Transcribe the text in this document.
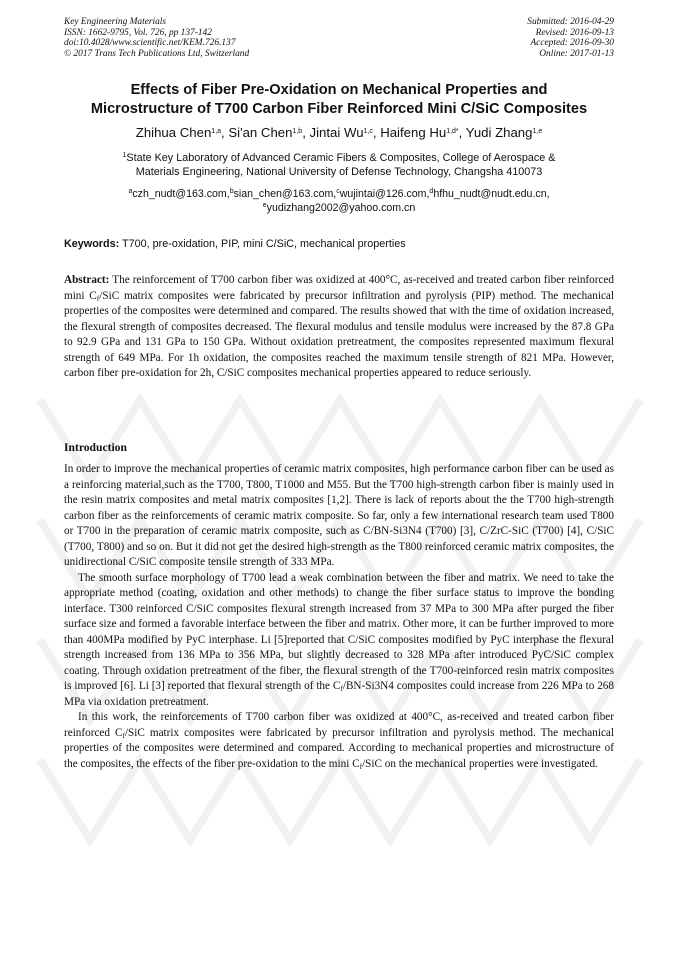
Key Engineering Materials
ISSN: 1662-9795, Vol. 726, pp 137-142
doi:10.4028/www.scientific.net/KEM.726.137
© 2017 Trans Tech Publications Ltd, Switzerland
Submitted: 2016-04-29
Revised: 2016-09-13
Accepted: 2016-09-30
Online: 2017-01-13
Effects of Fiber Pre-Oxidation on Mechanical Properties and
Microstructure of T700 Carbon Fiber Reinforced Mini C/SiC Composites
Zhihua Chen$^{1,a}$, Si'an Chen$^{1,b}$, Jintai Wu$^{1,c}$, Haifeng $Hu^{1,d*}$, Yudi Zhang$^{1,e}$
$^1$State Key Laboratory of Advanced Ceramic Fibers & Composites, College of Aerospace &
Materials Engineering, National University of Defense Technology, Changsha 410073
$^a$czh_nudt@163.com,$^b$sian_chen@163.com,$^c$wujintai@126.com,$^d$hfhu_nudt@nudt.edu.cn,
$^e$yudizhang2002@yahoo.com.cn
Keywords: T700, pre-oxidation, PIP, mini C/SiC, mechanical properties
Abstract: The reinforcement of T700 carbon fiber was oxidized at 400°C, as-received and treated carbon fiber reinforced mini $C_f$/SiC matrix composites were fabricated by precursor infiltration and pyrolysis (PIP) method. The mechanical properties of the composites were determined and compared. The results showed that with the time of oxidation increased, the flexural strength of composites decreased. The flexural modulus and tensile modulus were increased by the 87.8 GPa to 92.9 GPa and 131 GPa to 150 GPa. Without oxidation pretreatment, the composites represented maximum flexural strength of 649 MPa. For 1h oxidation, the composites reached the maximum tensile strength of 821 MPa. However, carbon fiber pre-oxidation for 2h, C/SiC composites mechanical properties appeared to reduce seriously.
Introduction

In order to improve the mechanical properties of ceramic matrix composites, high performance carbon fiber can be used as a reinforcing material,such as the T700, T800, T1000 and M55. But the T700 high-strength carbon fiber is mainly used in the resin matrix composites and metal matrix composites [1,2]. There is lack of reports about the the T700 high-strength carbon fiber as the reinforcements of ceramic matrix composite. So far, only a few international research team used T800 or T700 in the preparation of ceramic matrix composite, such as C/BN-Si3N4 (T700) [3], C/ZrC-SiC (T700) [4], C/SiC (T700, T800) and so on. But it did not get the desired high-strength as the T800 reinforced ceramic matrix composites, the unidirectional C/SiC composite tensile strength of 333 MPa.

The smooth surface morphology of T700 lead a weak combination between the fiber and matrix. We need to take the appropriate method (coating, oxidation and other methods) to change the fiber surface status to improve the bonding interface. T300 reinforced C/SiC composites flexural strength increased from 37 MPa to 300 MPa after purged the fiber surface size and formed a favorable interface between the fiber and matrix. Other more, it can be further improved to more than 400MPa modified by PyC interphase. Li [5]reported that C/SiC composites modified by PyC interphase the flexural strength increased from 136 MPa to 356 MPa, but slightly decreased to 328 MPa after introduced PyC/SiC complex coating. Through oxidation pretreatment of the fiber, the flexural strength of the T700-reinforced resin matrix composites is improved [6]. Li [3] reported that flexural strength of the $C_f/BN-Si3N4$ composites could increase from 226 MPa to 268 MPa via oxidation pretreatment.

In this work, the reinforcements of T700 carbon fiber was oxidized at 400°C, as-received and treated carbon fiber reinforced $C_f$/SiC matrix composites were fabricated by precursor infiltration and pyrolysis method. The mechanical properties of the composites were determined and compared. According to mechanical properties and microstructure of the composites, the effects of the fiber pre-oxidation to the mini $C_f$/SiC on the mechanical properties were investigated.
